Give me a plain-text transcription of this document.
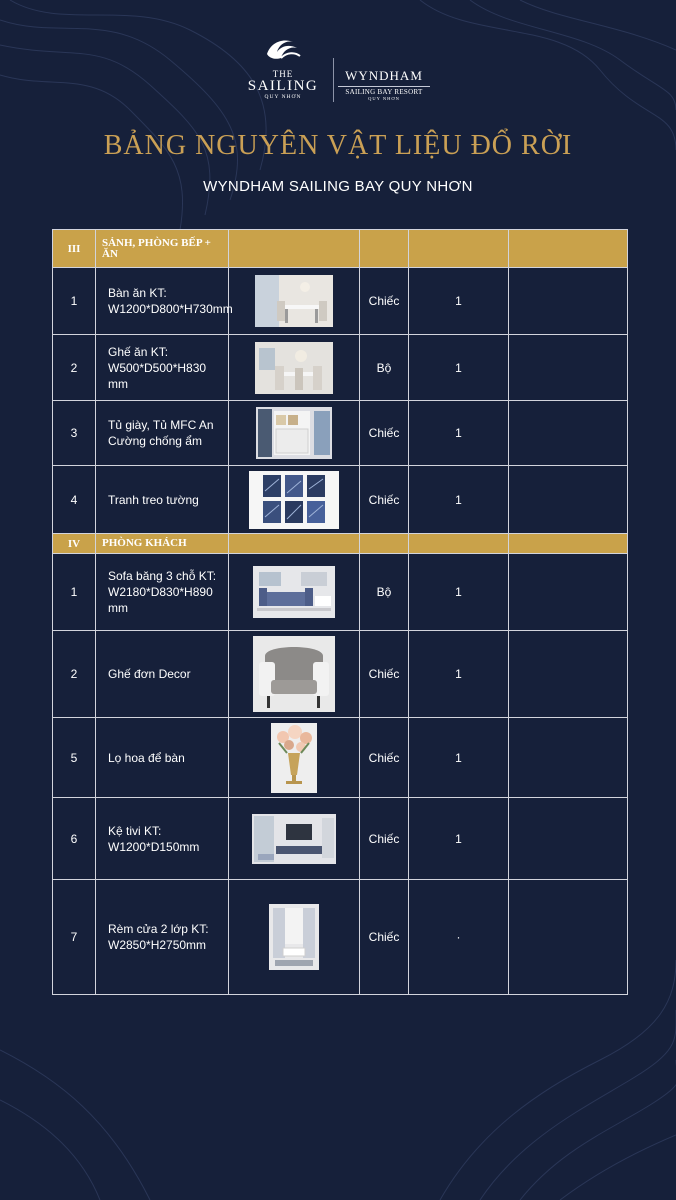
THE
SAILING
QUY NHƠN
WYNDHAM
SAILING BAY RESORT
QUY NHƠN
BẢNG NGUYÊN VẬT LIỆU ĐỔ RỜI
WYNDHAM SAILING BAY QUY NHƠN
III	SẢNH, PHÒNG BẾP + ĂN				
1	Bàn ăn KT: W1200*D800*H730mm		Chiếc	1	
2	Ghế ăn KT: W500*D500*H830 mm		Bộ	1	
3	Tủ giày, Tủ MFC An Cường chống ẩm		Chiếc	1	
4	Tranh treo tường		Chiếc	1	
IV	PHÒNG KHÁCH				
1	Sofa băng 3 chỗ KT: W2180*D830*H890 mm		Bộ	1	
2	Ghế đơn Decor		Chiếc	1	
5	Lọ hoa để bàn		Chiếc	1	
6	Kệ tivi KT: W1200*D150mm		Chiếc	1	
7	Rèm cửa 2 lớp KT: W2850*H2750mm		Chiếc	·	
